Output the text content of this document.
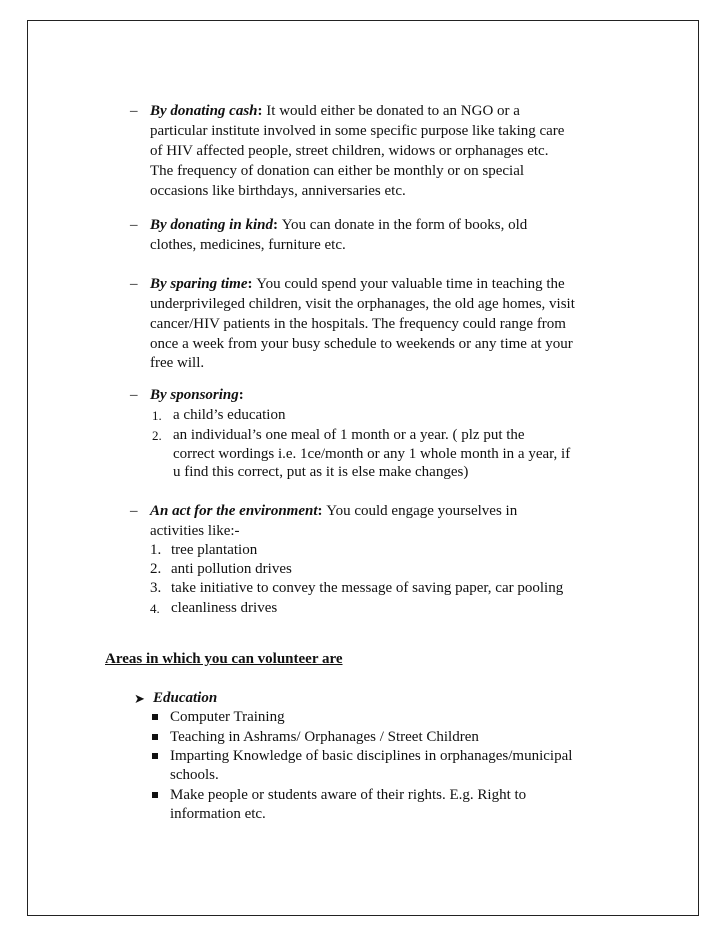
– By donating cash: It would either be donated to an NGO or a
particular institute involved in some specific purpose like taking care
of HIV affected people, street children, widows or orphanages etc.
The frequency of donation can either be monthly or on special
occasions like birthdays, anniversaries etc.
– By donating in kind: You can donate in the form of books, old
clothes, medicines, furniture etc.
– By sparing time: You could spend your valuable time in teaching the
underprivileged children, visit the orphanages, the old age homes, visit
cancer/HIV patients in the hospitals. The frequency could range from
once a week from your busy schedule to weekends or any time at your
free will.
– By sponsoring:
1. a child’s education
2. an individual’s one meal of 1 month or a year. ( plz put the
correct wordings i.e. 1ce/month or any 1 whole month in a year, if
u find this correct, put as it is else make changes)
– An act for the environment: You could engage yourselves in
activities like:-
1. tree plantation
2. anti pollution drives
3. take initiative to convey the message of saving paper, car pooling
4. cleanliness drives
Areas in which you can volunteer are
➤ Education
Computer Training
Teaching in Ashrams/ Orphanages / Street Children
Imparting Knowledge of basic disciplines in orphanages/municipal
schools.
Make people or students aware of their rights. E.g. Right to
information etc.
